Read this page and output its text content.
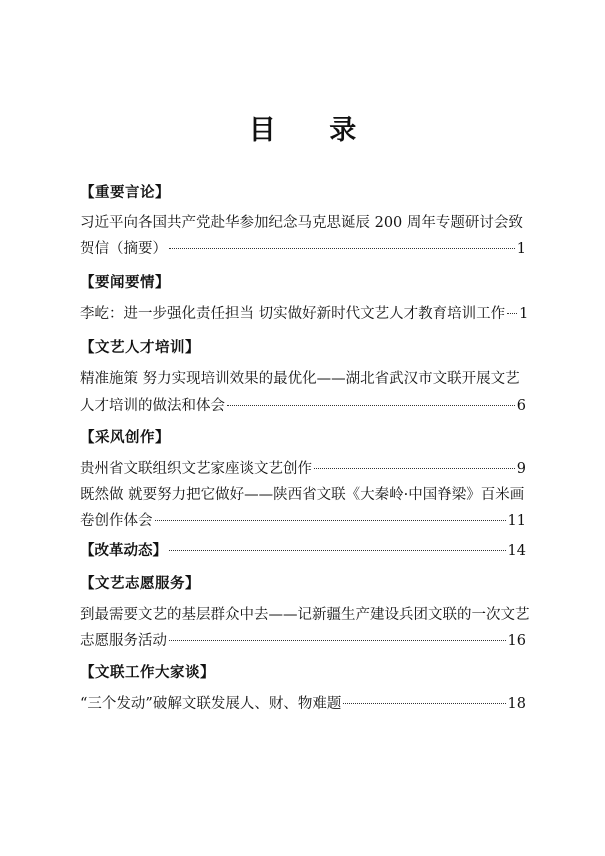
目 录
【重要言论】
习近平向各国共产党赴华参加纪念马克思诞辰 200 周年专题研讨会致
贺信（摘要）	1
【要闻要情】
李屹：进一步强化责任担当 切实做好新时代文艺人才教育培训工作 1
【文艺人才培训】
精准施策 努力实现培训效果的最优化——湖北省武汉市文联开展文艺
人才培训的做法和体会	6
【采风创作】
贵州省文联组织文艺家座谈文艺创作	9
既然做 就要努力把它做好——陕西省文联《大秦岭·中国脊梁》百米画
卷创作体会	11
【改革动态】	14
【文艺志愿服务】
到最需要文艺的基层群众中去——记新疆生产建设兵团文联的一次文艺
志愿服务活动	16
【文联工作大家谈】
“三个发动”破解文联发展人、财、物难题	18
